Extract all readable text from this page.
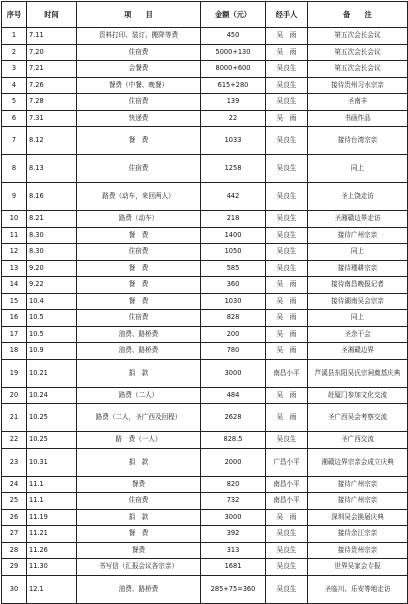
序号	时间	项　　目	金额（元）	经手人	备　　注
1	7.11	资料打印、装订、搬降等费	450	吴　雨	第五次会长会议
2	7.20	住宿费	5000+130	吴　雨	第五次会长会议
3	7.21	会餐费	8000+600	吴良生	第五次会长会议
4	7.26	餐费（中餐、晚餐）	615+280	吴良生	接待贵州习水宗亲
5	7.28	住宿费	139	吴良生	圣南丰
6	7.31	快递费	22	吴　雨	书画作品
7	8.12	餐　费	1033	吴良生	接待台湾宗亲
8	8.13	住宿费	1258	吴良生	同上
9	8.16	路费（动车，来回两人）	442	吴良生	圣上饶走访
10	8.21	路费（动车）	218	吴良生	圣湘赣边界走访
11	8.30	餐　费	1400	吴良生	接待广州宗亲
12	8.30	住宿费	1050	吴良生	同上
13	9.20	餐　费	585	吴良生	接待瑾耕宗亲
14	9.22	餐　费	360	吴　雨	接待南昌晚报记者
15	10.4	餐　费	1030	吴　雨	接待湖南吴会宗亲
16	10.5	住宿费	828	吴　雨	同上
17	10.5	油费、路桥费	200	吴　雨	圣余干会
18	10.9	油费、路桥费	780	吴　雨	圣湘赣边界
19	10.21	捐　款	3000	南昌小平	芦溪县东阳吴氏宗祠奠基庆典
20	10.24	路费（二人）	484	吴　雨	赴厦门参加文化交流
21	10.25	路费（二人，圣广西及回程）	2628	吴　雨	圣广西吴会考察交流
22	10.25	路　费（一人）	828.5	吴良生	圣广西交流
23	10.31	捐　款	2000	广昌小平	湘赣边界宗亲会成立庆典
24	11.1	餐费	820	南昌小平	接待广州宗亲
25	11.1	住宿费	732	南昌小平	接待广州宗亲
26	11.19	捐　款	3000	吴　雨	深圳吴会换届庆典
27	11.21	餐　费	392	吴良生	接待余江宗亲
28	11.26	餐费	313	吴良生	接待贵州宗亲
29	11.30	书写信（汇报会议各宗亲）	1681	吴良生	世界吴家会专报
30	12.1	油费、路桥费	285+75=360	吴良生	圣临川、乐安等地走访
